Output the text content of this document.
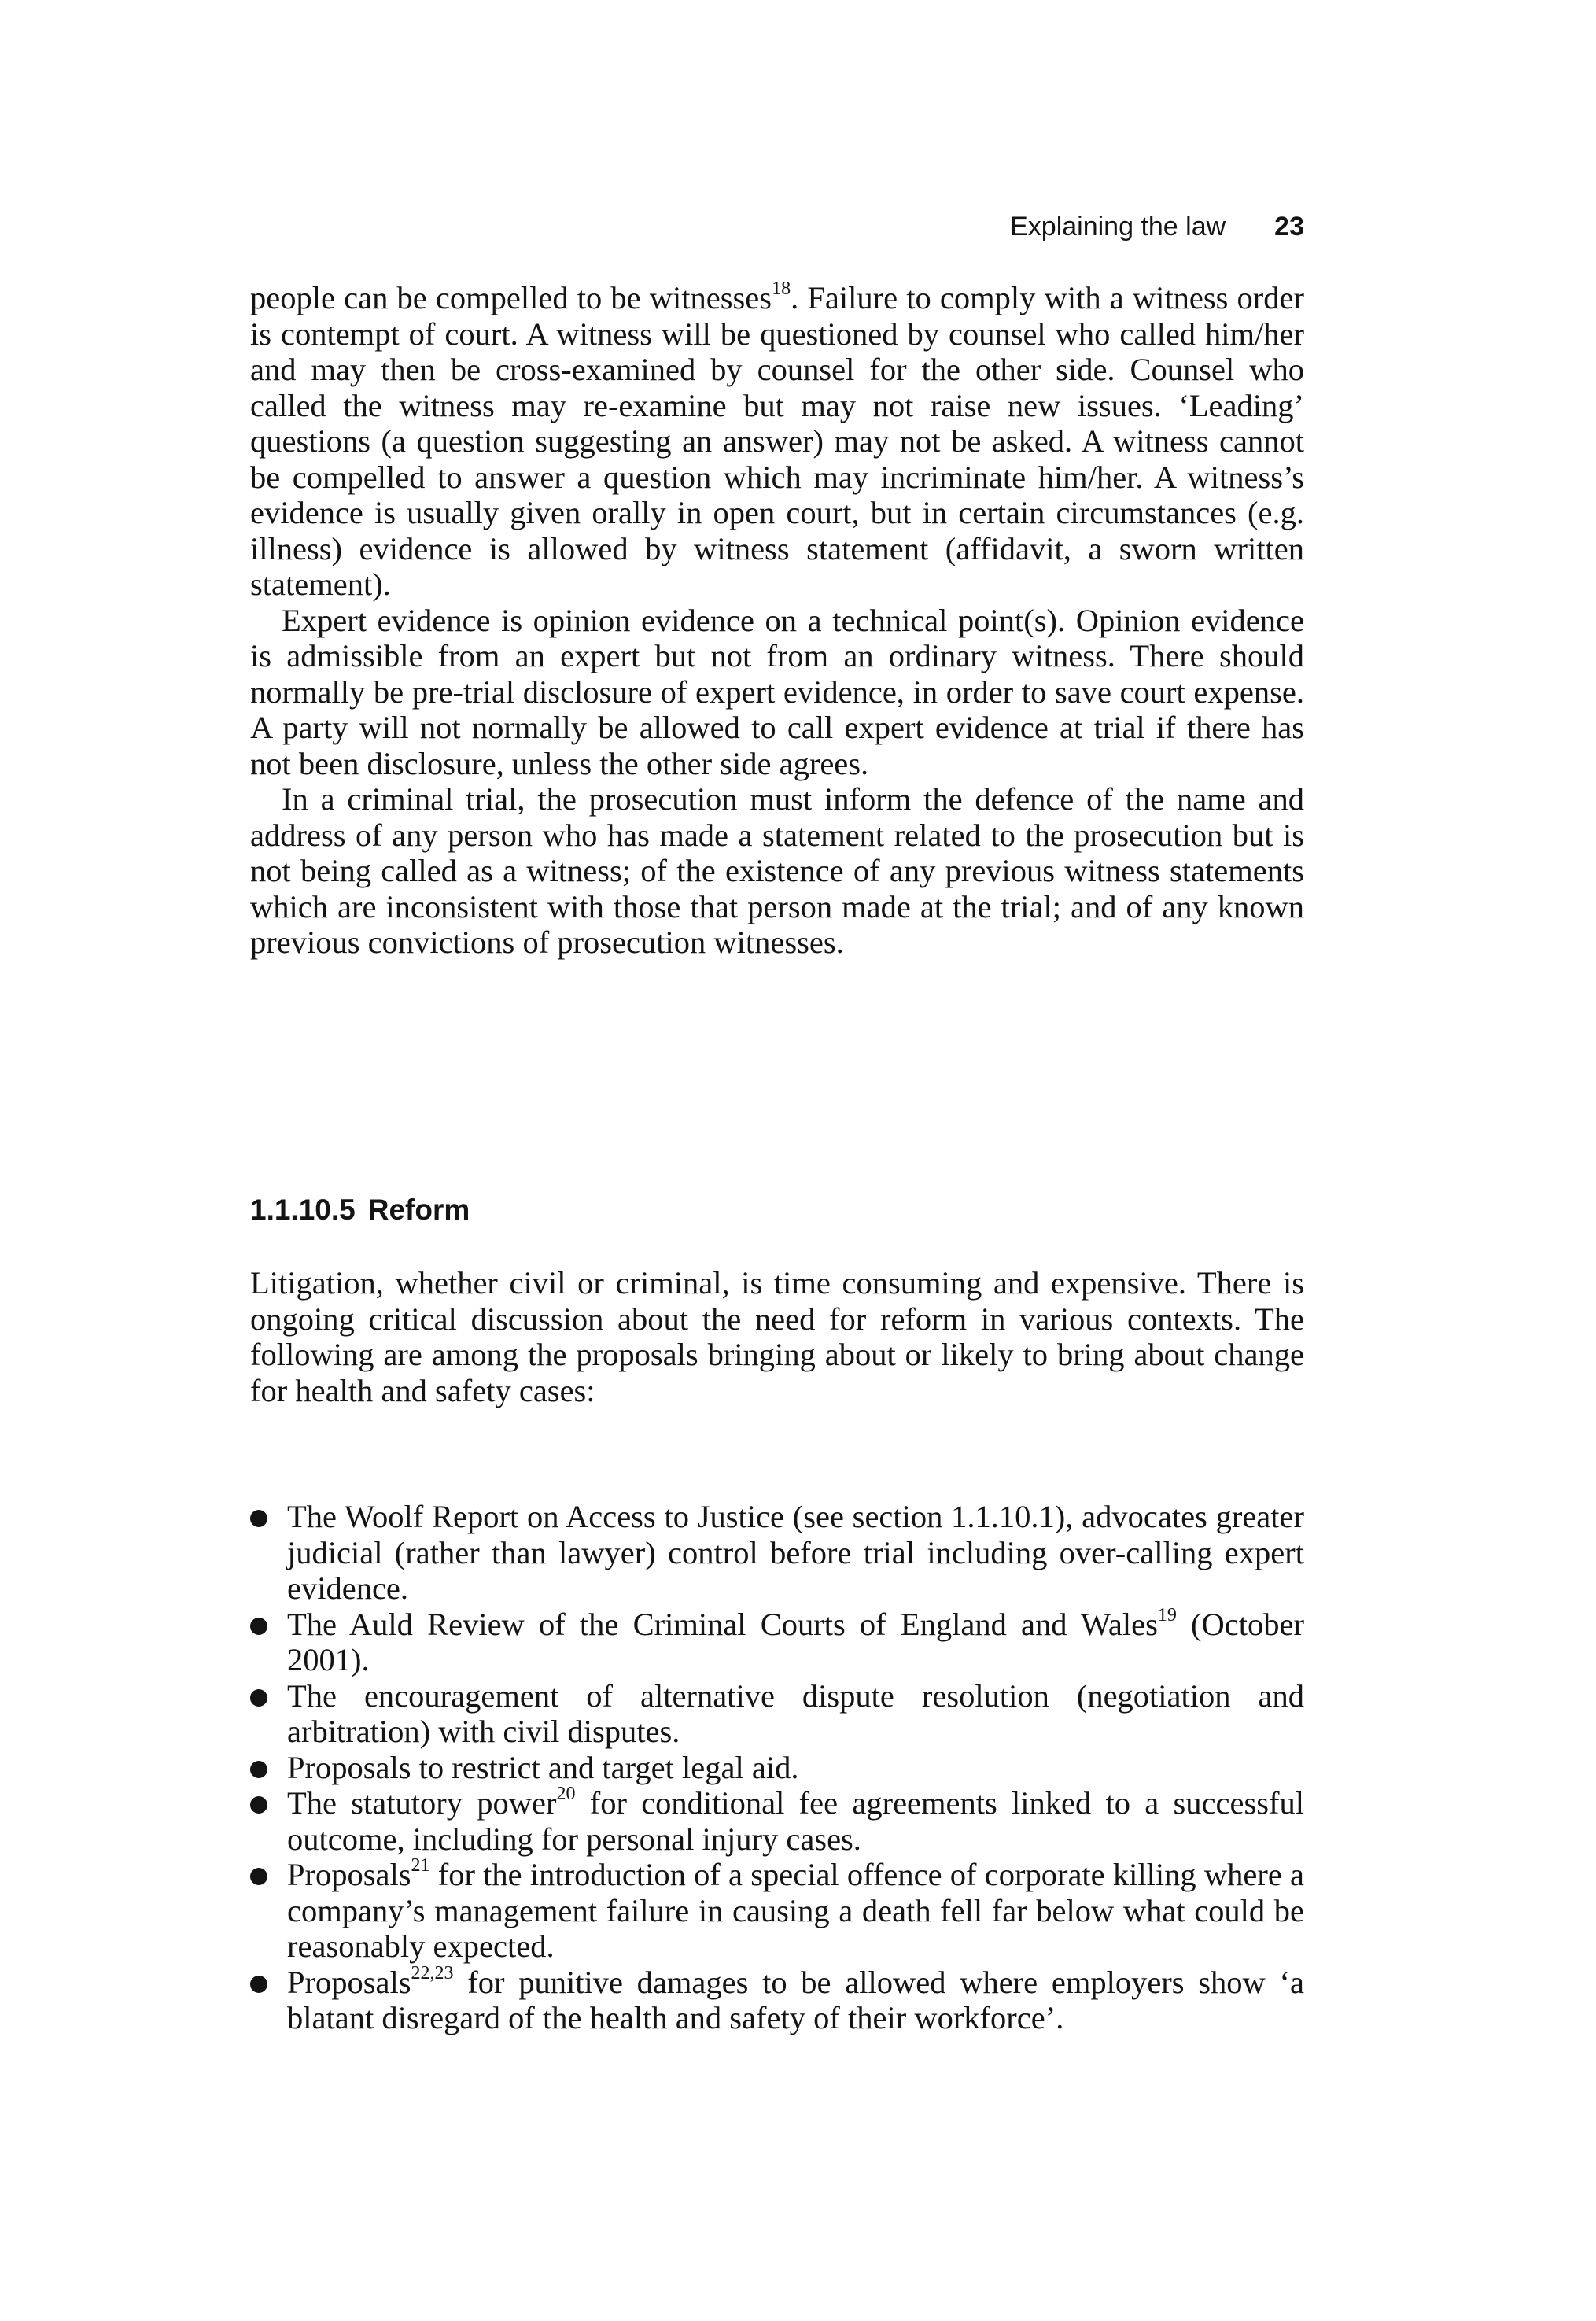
Explaining the law 23

people can be compelled to be witnesses$^{18}$. Failure to comply with a witness order is contempt of court. A witness will be questioned by counsel who called him/her and may then be cross-examined by counsel for the other side. Counsel who called the witness may re-examine but may not raise new issues. ‘Leading’ questions (a question suggesting an answer) may not be asked. A witness cannot be compelled to answer a question which may incriminate him/her. A witness’s evidence is usually given orally in open court, but in certain circumstances (e.g. illness) evidence is allowed by witness statement (affidavit, a sworn written statement).

Expert evidence is opinion evidence on a technical point(s). Opinion evidence is admissible from an expert but not from an ordinary witness. There should normally be pre-trial disclosure of expert evidence, in order to save court expense. A party will not normally be allowed to call expert evidence at trial if there has not been disclosure, unless the other side agrees.

In a criminal trial, the prosecution must inform the defence of the name and address of any person who has made a statement related to the prosecution but is not being called as a witness; of the existence of any previous witness statements which are inconsistent with those that person made at the trial; and of any known previous convictions of prosecution witnesses.

1.1.10.5 Reform

Litigation, whether civil or criminal, is time consuming and expensive. There is ongoing critical discussion about the need for reform in various contexts. The following are among the proposals bringing about or likely to bring about change for health and safety cases:

The Woolf Report on Access to Justice (see section 1.1.10.1), advocates greater judicial (rather than lawyer) control before trial including over-calling expert evidence.
The Auld Review of the Criminal Courts of England and Wales$^{19}$ (October 2001).
The encouragement of alternative dispute resolution (negotiation and arbitration) with civil disputes.
Proposals to restrict and target legal aid.
The statutory power$^{20}$ for conditional fee agreements linked to a successful outcome, including for personal injury cases.
Proposals$^{21}$ for the introduction of a special offence of corporate killing where a company’s management failure in causing a death fell far below what could be reasonably expected.
Proposals$^{22,23}$ for punitive damages to be allowed where employers show ‘a blatant disregard of the health and safety of their workforce’.
